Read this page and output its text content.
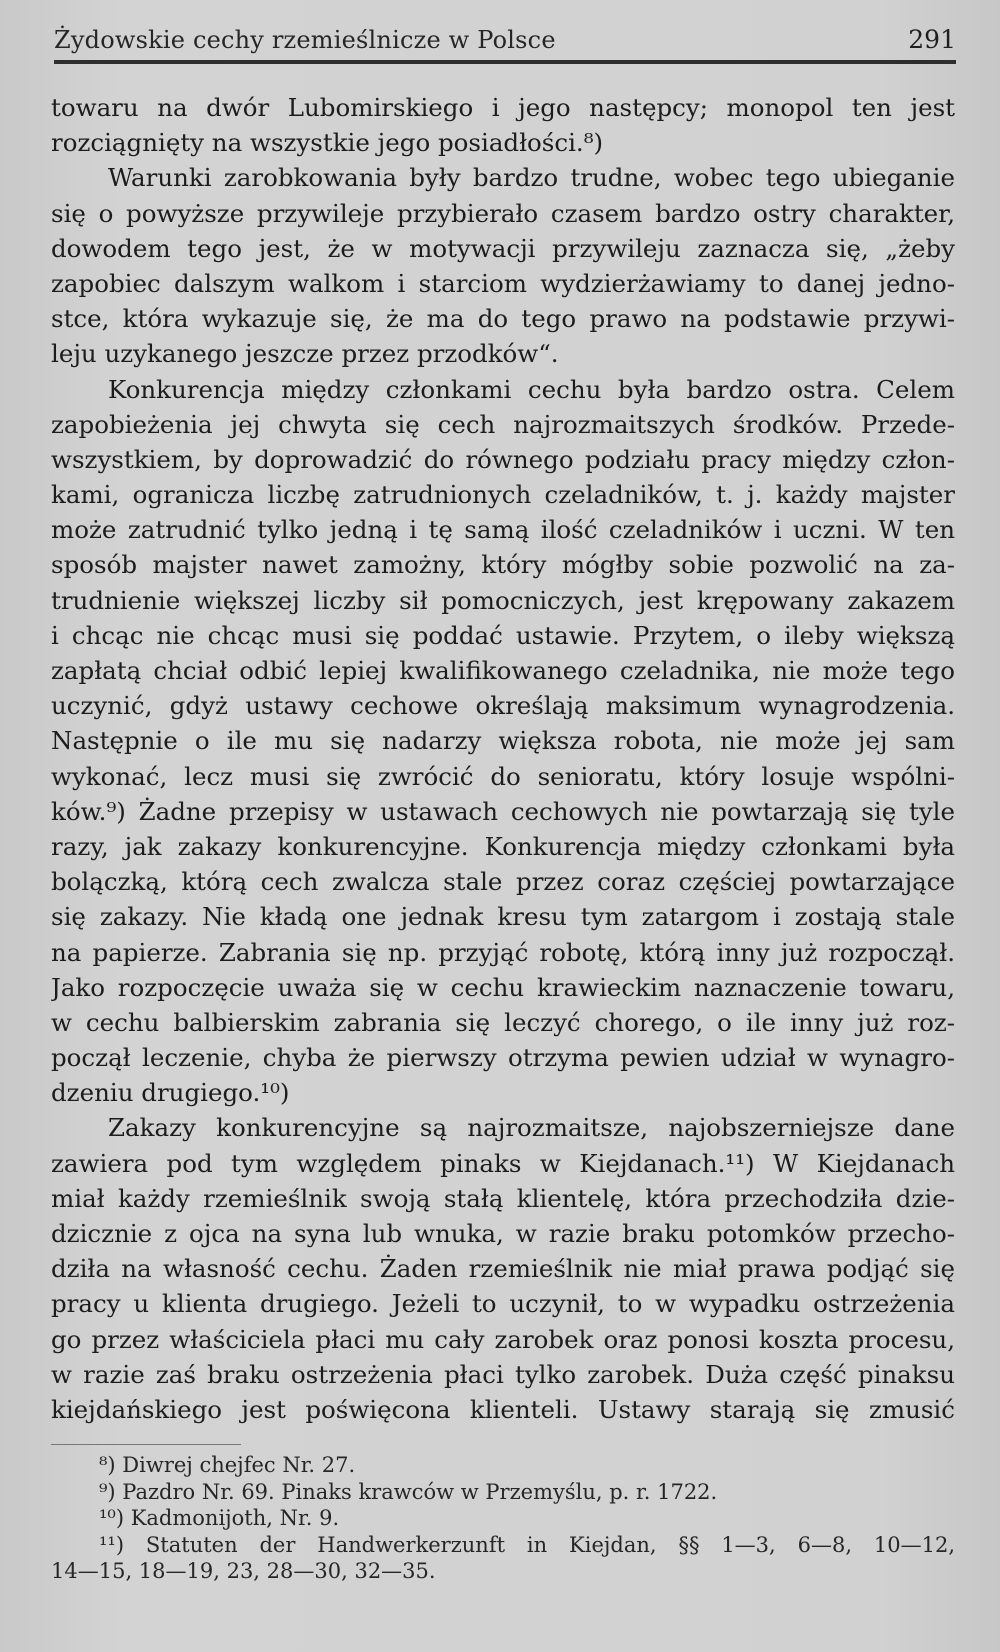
Żydowskie cechy rzemieślnicze w Polsce	291
towaru na dwór Lubomirskiego i jego następcy; monopol ten jest
rozciągnięty na wszystkie jego posiadłości.⁸)
Warunki zarobkowania były bardzo trudne, wobec tego ubieganie
się o powyższe przywileje przybierało czasem bardzo ostry charakter,
dowodem tego jest, że w motywacji przywileju zaznacza się, „żeby
zapobiec dalszym walkom i starciom wydzierżawiamy to danej jedno-
stce, która wykazuje się, że ma do tego prawo na podstawie przywi-
leju uzykanego jeszcze przez przodków“.
Konkurencja między członkami cechu była bardzo ostra. Celem
zapobieżenia jej chwyta się cech najrozmaitszych środków. Przede-
wszystkiem, by doprowadzić do równego podziału pracy między człon-
kami, ogranicza liczbę zatrudnionych czeladników, t. j. każdy majster
może zatrudnić tylko jedną i tę samą ilość czeladników i uczni. W ten
sposób majster nawet zamożny, który mógłby sobie pozwolić na za-
trudnienie większej liczby sił pomocniczych, jest krępowany zakazem
i chcąc nie chcąc musi się poddać ustawie. Przytem, o ileby większą
zapłatą chciał odbić lepiej kwalifikowanego czeladnika, nie może tego
uczynić, gdyż ustawy cechowe określają maksimum wynagrodzenia.
Następnie o ile mu się nadarzy większa robota, nie może jej sam
wykonać, lecz musi się zwrócić do senioratu, który losuje wspólni-
ków.⁹) Żadne przepisy w ustawach cechowych nie powtarzają się tyle
razy, jak zakazy konkurencyjne. Konkurencja między członkami była
bolączką, którą cech zwalcza stale przez coraz częściej powtarzające
się zakazy. Nie kładą one jednak kresu tym zatargom i zostają stale
na papierze. Zabrania się np. przyjąć robotę, którą inny już rozpoczął.
Jako rozpoczęcie uważa się w cechu krawieckim naznaczenie towaru,
w cechu balbierskim zabrania się leczyć chorego, o ile inny już roz-
począł leczenie, chyba że pierwszy otrzyma pewien udział w wynagro-
dzeniu drugiego.¹⁰)
Zakazy konkurencyjne są najrozmaitsze, najobszerniejsze dane
zawiera pod tym względem pinaks w Kiejdanach.¹¹) W Kiejdanach
miał każdy rzemieślnik swoją stałą klientelę, która przechodziła dzie-
dzicznie z ojca na syna lub wnuka, w razie braku potomków przecho-
dziła na własność cechu. Żaden rzemieślnik nie miał prawa podjąć się
pracy u klienta drugiego. Jeżeli to uczynił, to w wypadku ostrzeżenia
go przez właściciela płaci mu cały zarobek oraz ponosi koszta procesu,
w razie zaś braku ostrzeżenia płaci tylko zarobek. Duża część pinaksu
kiejdańskiego jest poświęcona klienteli. Ustawy starają się zmusić
⁸) Diwrej chejfec Nr. 27.
⁹) Pazdro Nr. 69. Pinaks krawców w Przemyślu, p. r. 1722.
¹⁰) Kadmonijoth, Nr. 9.
¹¹) Statuten der Handwerkerzunft in Kiejdan, §§ 1—3, 6—8, 10—12,
14—15, 18—19, 23, 28—30, 32—35.
